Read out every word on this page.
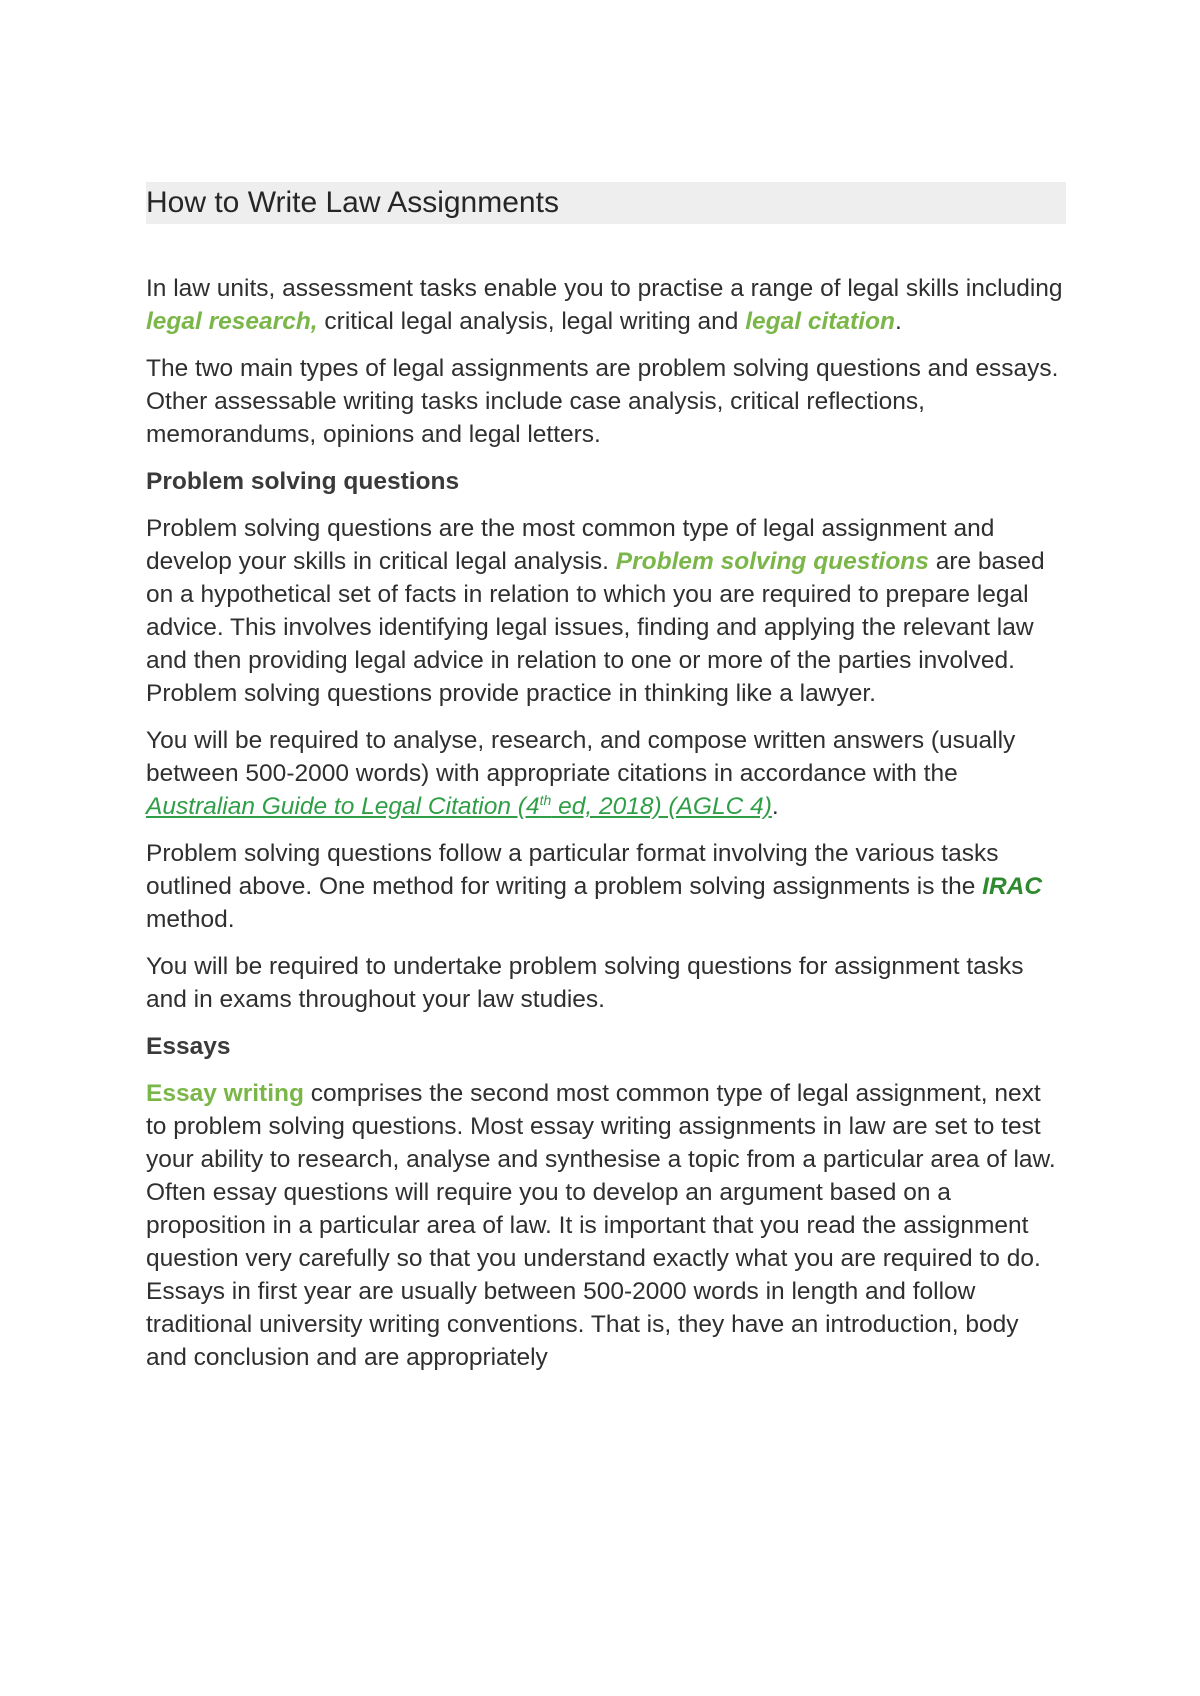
How to Write Law Assignments

In law units, assessment tasks enable you to practise a range of legal skills including legal research, critical legal analysis, legal writing and legal citation.

The two main types of legal assignments are problem solving questions and essays. Other assessable writing tasks include case analysis, critical reflections, memorandums, opinions and legal letters.

Problem solving questions

Problem solving questions are the most common type of legal assignment and develop your skills in critical legal analysis. Problem solving questions are based on a hypothetical set of facts in relation to which you are required to prepare legal advice. This involves identifying legal issues, finding and applying the relevant law and then providing legal advice in relation to one or more of the parties involved. Problem solving questions provide practice in thinking like a lawyer.

You will be required to analyse, research, and compose written answers (usually between 500-2000 words) with appropriate citations in accordance with the Australian Guide to Legal Citation (4th ed, 2018) (AGLC 4).

Problem solving questions follow a particular format involving the various tasks outlined above. One method for writing a problem solving assignments is the IRAC method.

You will be required to undertake problem solving questions for assignment tasks and in exams throughout your law studies.

Essays

Essay writing comprises the second most common type of legal assignment, next to problem solving questions. Most essay writing assignments in law are set to test your ability to research, analyse and synthesise a topic from a particular area of law. Often essay questions will require you to develop an argument based on a proposition in a particular area of law. It is important that you read the assignment question very carefully so that you understand exactly what you are required to do. Essays in first year are usually between 500-2000 words in length and follow traditional university writing conventions. That is, they have an introduction, body and conclusion and are appropriately
